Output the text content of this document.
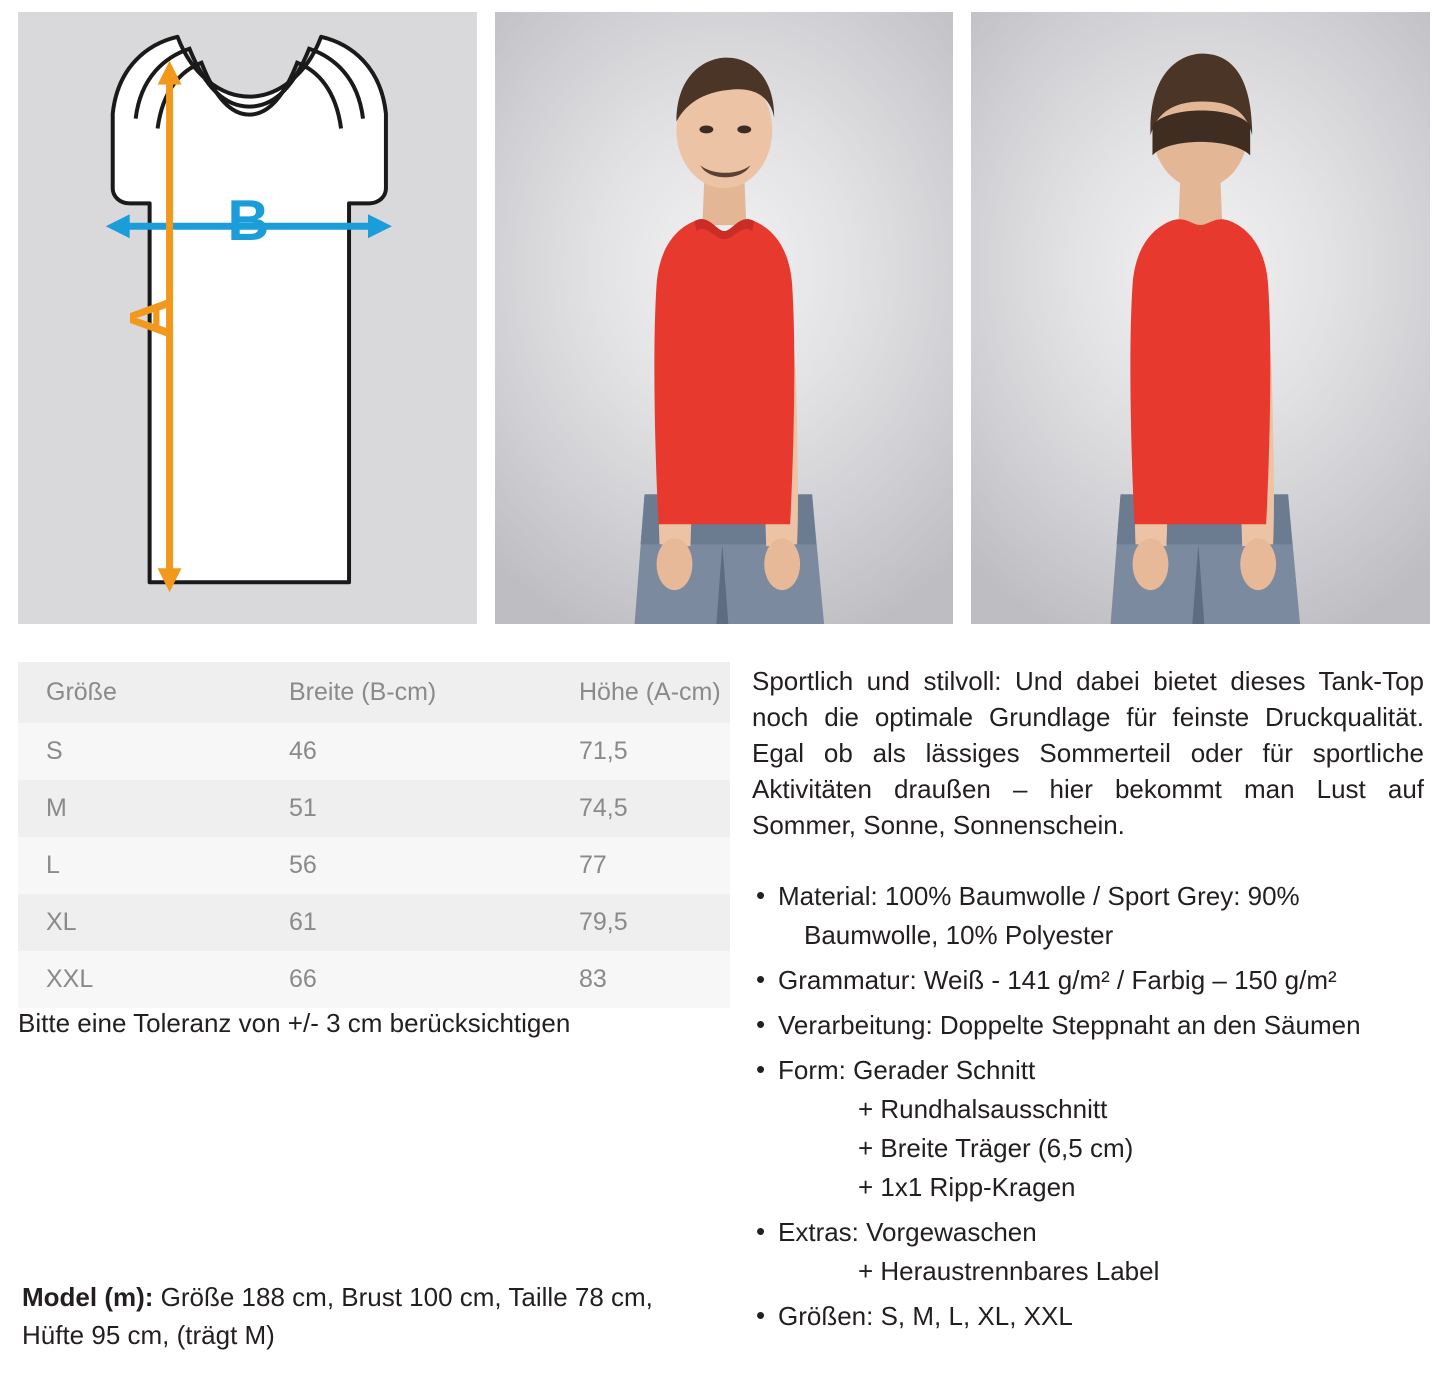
B
A
Größe	Breite (B-cm)	Höhe (A-cm)
S	46	71,5
M	51	74,5
L	56	77
XL	61	79,5
XXL	66	83
Bitte eine Toleranz von +/- 3 cm berücksichtigen
Model (m): Größe 188 cm, Brust 100 cm, Taille 78 cm, Hüfte 95 cm, (trägt M)

Sportlich und stilvoll: Und dabei bietet dieses Tank-Top noch die optimale Grundlage für feinste Druckqualität. Egal ob als lässiges Sommerteil oder für sportliche Aktivitäten draußen – hier bekommt man Lust auf Sommer, Sonne, Sonnenschein.

• Material: 100% Baumwolle / Sport Grey: 90%
Baumwolle, 10% Polyester
• Grammatur: Weiß - 141 g/m² / Farbig – 150 g/m²
• Verarbeitung: Doppelte Steppnaht an den Säumen
• Form: Gerader Schnitt
+ Rundhalsausschnitt
+ Breite Träger (6,5 cm)
+ 1x1 Ripp-Kragen
• Extras: Vorgewaschen
+ Heraustrennbares Label
• Größen: S, M, L, XL, XXL
